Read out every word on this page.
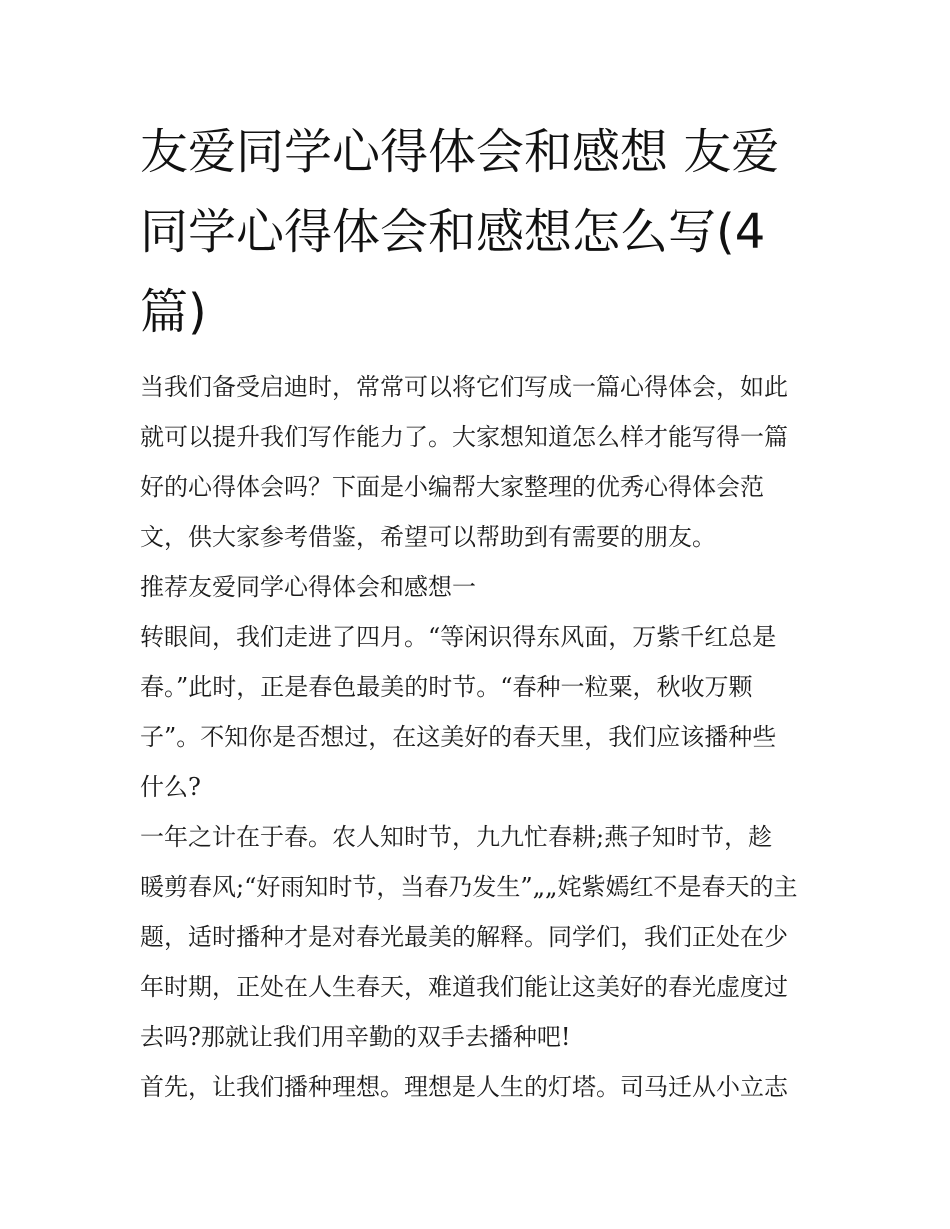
友爱同学心得体会和感想 友爱
同学心得体会和感想怎么写(4
篇)

当我们备受启迪时，常常可以将它们写成一篇心得体会，如此
就可以提升我们写作能力了。大家想知道怎么样才能写得一篇
好的心得体会吗？下面是小编帮大家整理的优秀心得体会范
文，供大家参考借鉴，希望可以帮助到有需要的朋友。

推荐友爱同学心得体会和感想一

转眼间，我们走进了四月。“等闲识得东风面，万紫千红总是
春。”此时，正是春色最美的时节。“春种一粒粟，秋收万颗
子”。不知你是否想过，在这美好的春天里，我们应该播种些
什么?

一年之计在于春。农人知时节，九九忙春耕;燕子知时节，趁
暖剪春风;“好雨知时节，当春乃发生”„„姹紫嫣红不是春天的主
题，适时播种才是对春光最美的解释。同学们，我们正处在少
年时期，正处在人生春天，难道我们能让这美好的春光虚度过
去吗?那就让我们用辛勤的双手去播种吧!

首先，让我们播种理想。理想是人生的灯塔。司马迁从小立志
